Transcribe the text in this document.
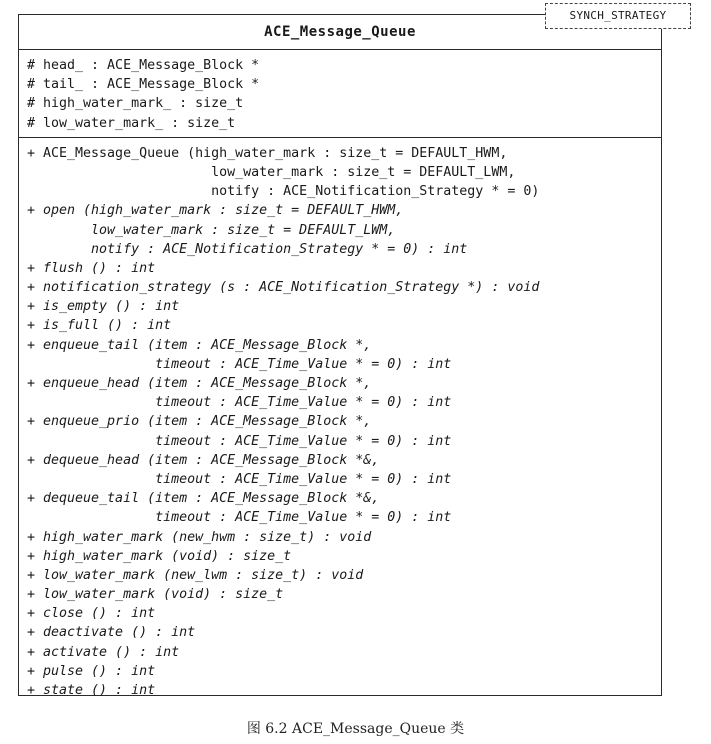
ACE_Message_Queue
# head_ : ACE_Message_Block *
# tail_ : ACE_Message_Block *
# high_water_mark_ : size_t
# low_water_mark_ : size_t
+ ACE_Message_Queue (high_water_mark : size_t = DEFAULT_HWM,
low_water_mark : size_t = DEFAULT_LWM,
notify : ACE_Notification_Strategy * = 0)
+ open (high_water_mark : size_t = DEFAULT_HWM,
low_water_mark : size_t = DEFAULT_LWM,
notify : ACE_Notification_Strategy * = 0) : int
+ flush () : int
+ notification_strategy (s : ACE_Notification_Strategy *) : void
+ is_empty () : int
+ is_full () : int
+ enqueue_tail (item : ACE_Message_Block *,
timeout : ACE_Time_Value * = 0) : int
+ enqueue_head (item : ACE_Message_Block *,
timeout : ACE_Time_Value * = 0) : int
+ enqueue_prio (item : ACE_Message_Block *,
timeout : ACE_Time_Value * = 0) : int
+ dequeue_head (item : ACE_Message_Block *&,
timeout : ACE_Time_Value * = 0) : int
+ dequeue_tail (item : ACE_Message_Block *&,
timeout : ACE_Time_Value * = 0) : int
+ high_water_mark (new_hwm : size_t) : void
+ high_water_mark (void) : size_t
+ low_water_mark (new_lwm : size_t) : void
+ low_water_mark (void) : size_t
+ close () : int
+ deactivate () : int
+ activate () : int
+ pulse () : int
+ state () : int
SYNCH_STRATEGY
图 6.2 ACE_Message_Queue 类
